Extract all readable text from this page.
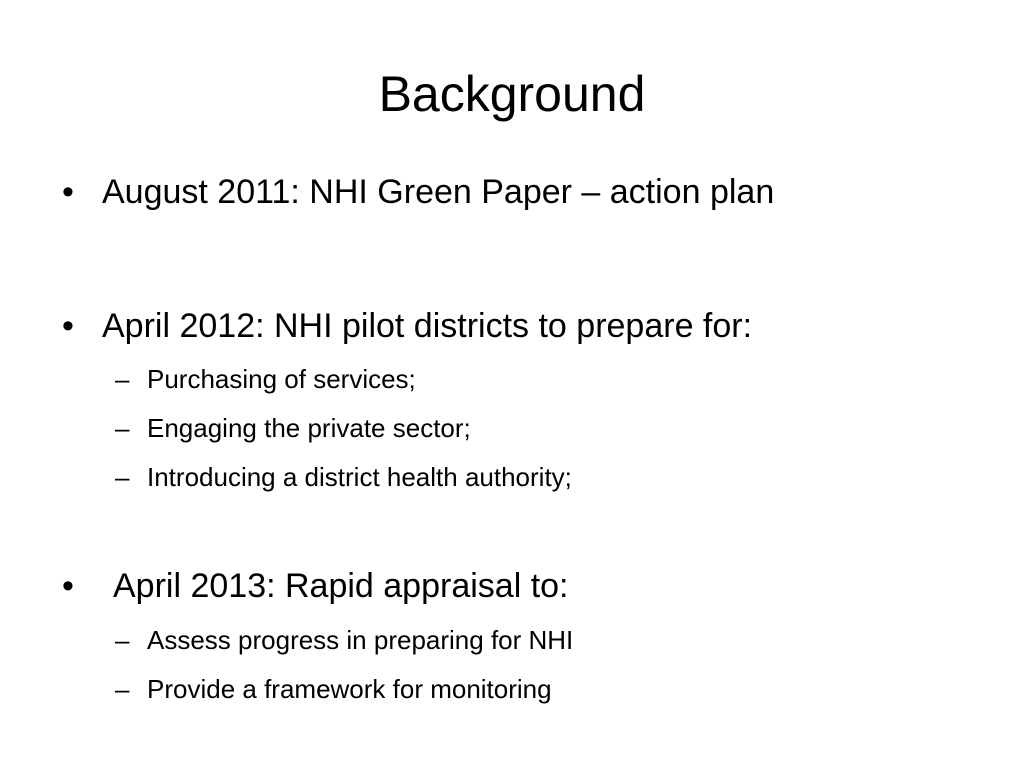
Background
• August 2011: NHI Green Paper – action plan
• April 2012: NHI pilot districts to prepare for:
– Purchasing of services;
– Engaging the private sector;
– Introducing a district health authority;
• April 2013: Rapid appraisal to:
– Assess progress in preparing for NHI
– Provide a framework for monitoring
